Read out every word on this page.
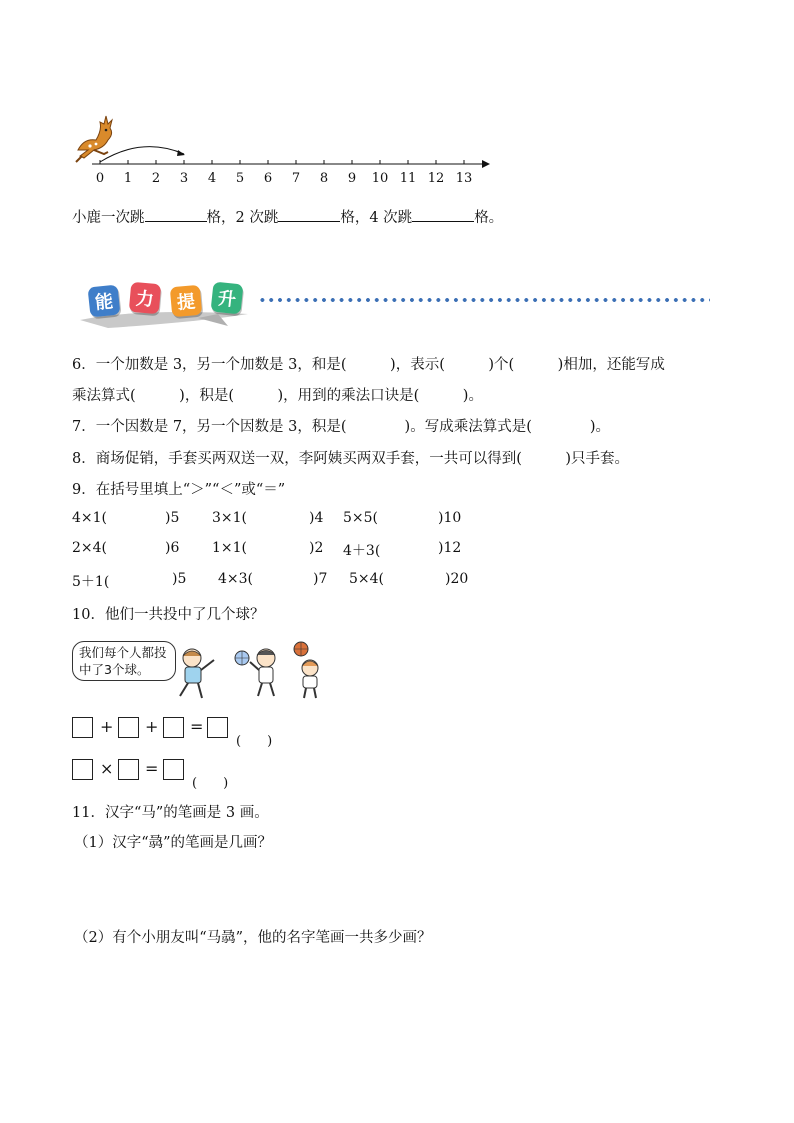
0	1	2	3	4	5	6	7	8	9	10 11 12 13
小鹿一次跳	格，2 次跳	格，4 次跳	格。
能	力	提	升
6．一个加数是 3，另一个加数是 3，和是(　　　)，表示(　　　)个(　　　)相加，还能写成
乘法算式(　　　)，积是(　　　)，用到的乘法口诀是(　　　)。
7．一个因数是 7，另一个因数是 3，积是(　　　　)。写成乘法算式是(　　　　)。
8．商场促销，手套买两双送一双，李阿姨买两双手套，一共可以得到(　　　)只手套。
9．在括号里填上“＞”“＜”或“＝”
4×1(	)5 3×1(	)4 5×5(	)10
2×4(	)6 1×1(	)2 4＋3(	)12
5＋1(	)5 4×3(	)7 5×4(	)20
10．他们一共投中了几个球？
我们每个人都投中了3个球。
+ + =
(　　)
× =
(　　)
11．汉字“马”的笔画是 3 画。
（1）汉字“骉”的笔画是几画？
（2）有个小朋友叫“马骉”，他的名字笔画一共多少画？
